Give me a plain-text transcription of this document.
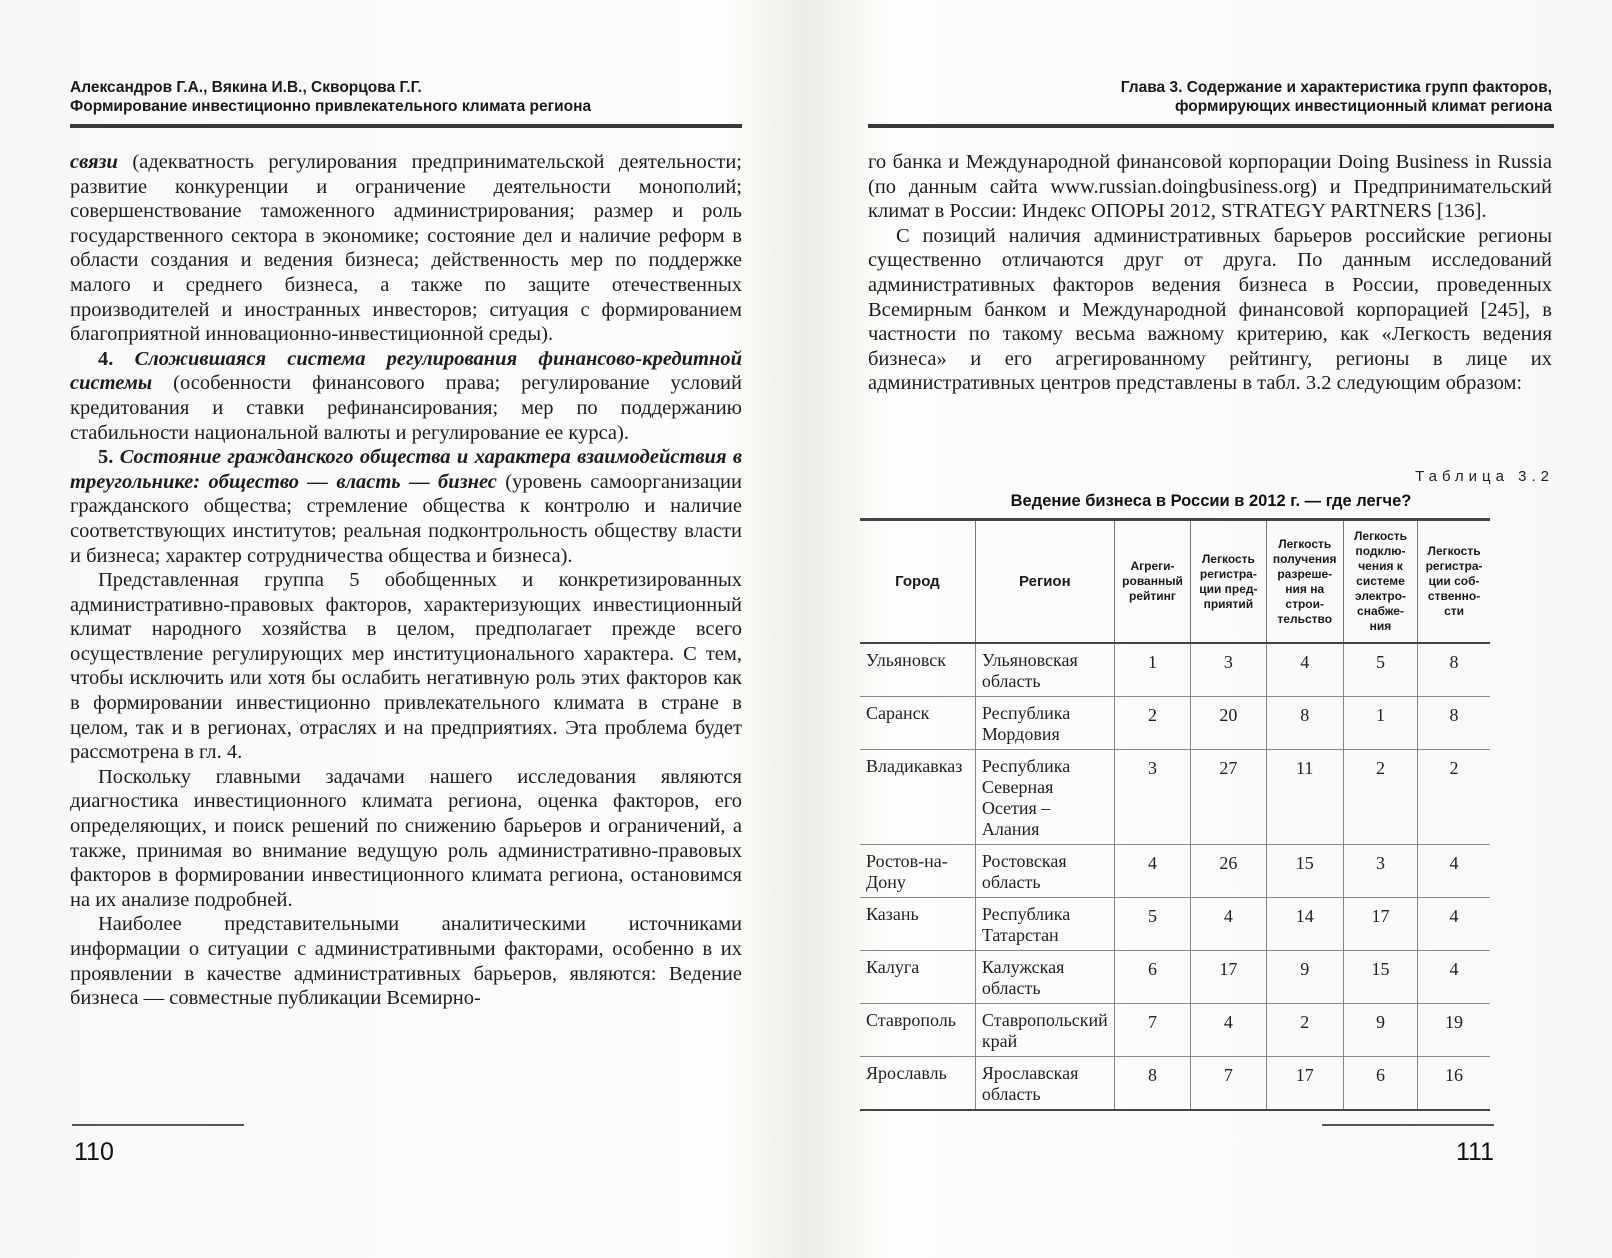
Александров Г.А., Вякина И.В., Скворцова Г.Г.
Формирование инвестиционно привлекательного климата региона

связи (адекватность регулирования предпринимательской деятельности; развитие конкуренции и ограничение деятельности монополий; совершенствование таможенного администрирования; размер и роль государственного сектора в экономике; состояние дел и наличие реформ в области создания и ведения бизнеса; действенность мер по поддержке малого и среднего бизнеса, а также по защите отечественных производителей и иностранных инвесторов; ситуация с формированием благоприятной инновационно-инвестиционной среды).

4. Сложившаяся система регулирования финансово-кредитной системы (особенности финансового права; регулирование условий кредитования и ставки рефинансирования; мер по поддержанию стабильности национальной валюты и регулирование ее курса).

5. Состояние гражданского общества и характера взаимодействия в треугольнике: общество — власть — бизнес (уровень самоорганизации гражданского общества; стремление общества к контролю и наличие соответствующих институтов; реальная подконтрольность обществу власти и бизнеса; характер сотрудничества общества и бизнеса).

Представленная группа 5 обобщенных и конкретизированных административно-правовых факторов, характеризующих инвестиционный климат народного хозяйства в целом, предполагает прежде всего осуществление регулирующих мер институционального характера. С тем, чтобы исключить или хотя бы ослабить негативную роль этих факторов как в формировании инвестиционно привлекательного климата в стране в целом, так и в регионах, отраслях и на предприятиях. Эта проблема будет рассмотрена в гл. 4.

Поскольку главными задачами нашего исследования являются диагностика инвестиционного климата региона, оценка факторов, его определяющих, и поиск решений по снижению барьеров и ограничений, а также, принимая во внимание ведущую роль административно-правовых факторов в формировании инвестиционного климата региона, остановимся на их анализе подробней.

Наиболее представительными аналитическими источниками информации о ситуации с административными факторами, особенно в их проявлении в качестве административных барьеров, являются: Ведение бизнеса — совместные публикации Всемирно-

110
Глава 3. Содержание и характеристика групп факторов,
формирующих инвестиционный климат региона

го банка и Международной финансовой корпорации Doing Business in Russia (по данным сайта www.russian.doingbusiness.org) и Предпринимательский климат в России: Индекс ОПОРЫ 2012, STRATEGY PARTNERS [136].

С позиций наличия административных барьеров российские регионы существенно отличаются друг от друга. По данным исследований административных факторов ведения бизнеса в России, проведенных Всемирным банком и Международной финансовой корпорацией [245], в частности по такому весьма важному критерию, как «Легкость ведения бизнеса» и его агрегированному рейтингу, регионы в лице их административных центров представлены в табл. 3.2 следующим образом:

Таблица 3.2
Ведение бизнеса в России в 2012 г. — где легче?
Город	Регион	Агреги-рованный рейтинг	Легкость регистра-ции пред-приятий	Легкость получения разреше-ния на строи-тельство	Легкость подклю-чения к системе электро-снабже-ния	Легкость регистра-ции соб-ственно-сти
Ульяновск	Ульяновская область	1	3	4	5	8
Саранск	Республика Мордовия	2	20	8	1	8
Владикавказ	Республика Северная Осетия – Алания	3	27	11	2	2
Ростов-на-Дону	Ростовская область	4	26	15	3	4
Казань	Республика Татарстан	5	4	14	17	4
Калуга	Калужская область	6	17	9	15	4
Ставрополь	Ставропольский край	7	4	2	9	19
Ярославль	Ярославская область	8	7	17	6	16
111
